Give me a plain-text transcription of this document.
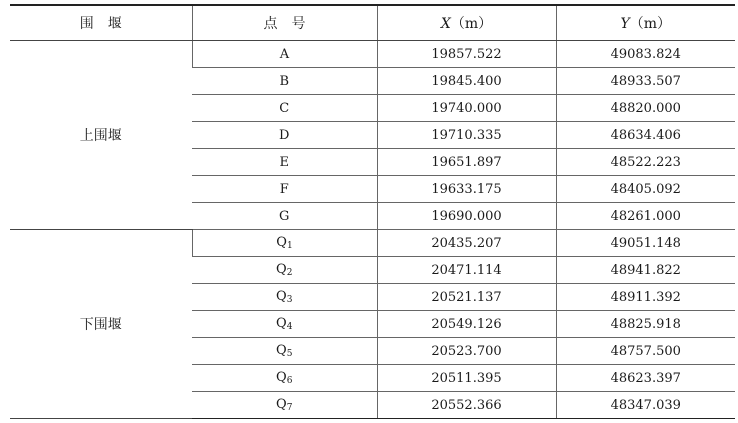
围　堰	点　号	X（m）	Y（m）
上围堰	A	19857.522	49083.824
	B	19845.400	48933.507
	C	19740.000	48820.000
	D	19710.335	48634.406
	E	19651.897	48522.223
	F	19633.175	48405.092
	G	19690.000	48261.000
下围堰	$Q_1$	20435.207	49051.148
	$Q_2$	20471.114	48941.822
	$Q_3$	20521.137	48911.392
	$Q_4$	20549.126	48825.918
	$Q_5$	20523.700	48757.500
	$Q_6$	20511.395	48623.397
	$Q_7$	20552.366	48347.039
